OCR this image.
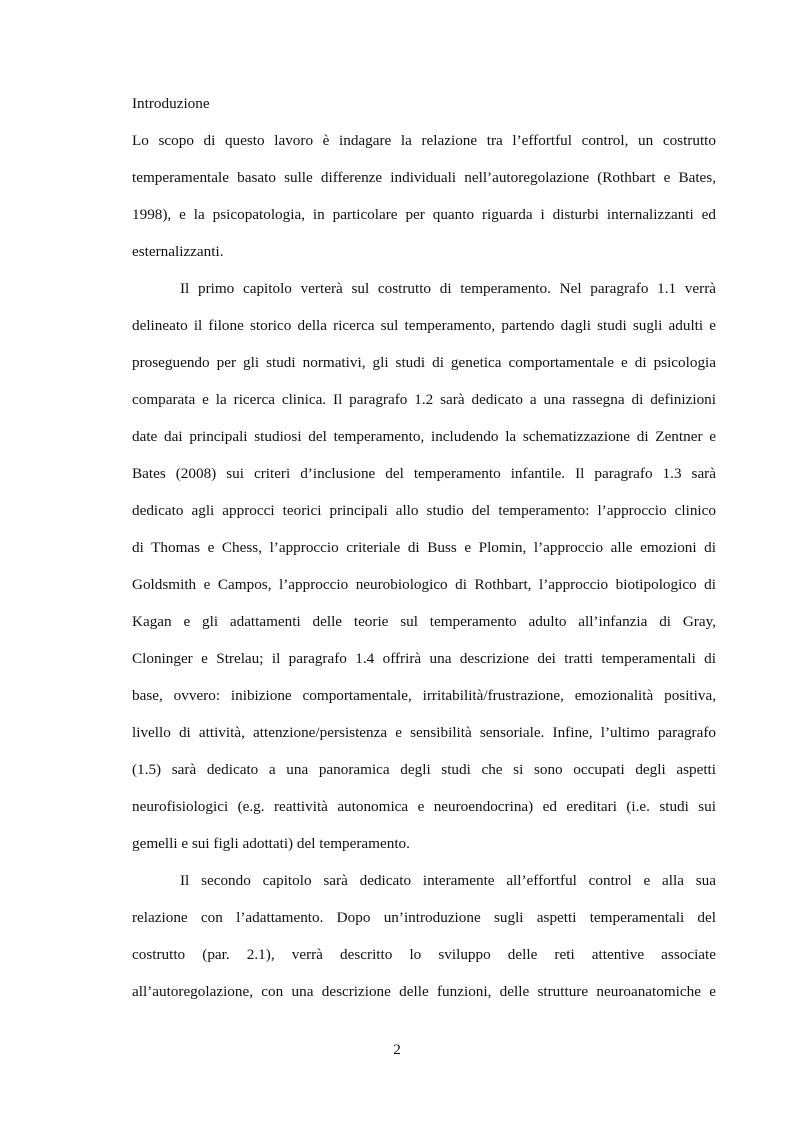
Introduzione
Lo scopo di questo lavoro è indagare la relazione tra l’effortful control, un costrutto
temperamentale basato sulle differenze individuali nell’autoregolazione (Rothbart e Bates,
1998), e la psicopatologia, in particolare per quanto riguarda i disturbi internalizzanti ed
esternalizzanti.
Il primo capitolo verterà sul costrutto di temperamento. Nel paragrafo 1.1 verrà
delineato il filone storico della ricerca sul temperamento, partendo dagli studi sugli adulti e
proseguendo per gli studi normativi, gli studi di genetica comportamentale e di psicologia
comparata e la ricerca clinica. Il paragrafo 1.2 sarà dedicato a una rassegna di definizioni
date dai principali studiosi del temperamento, includendo la schematizzazione di Zentner e
Bates (2008) sui criteri d’inclusione del temperamento infantile. Il paragrafo 1.3 sarà
dedicato agli approcci teorici principali allo studio del temperamento: l’approccio clinico
di Thomas e Chess, l’approccio criteriale di Buss e Plomin, l’approccio alle emozioni di
Goldsmith e Campos, l’approccio neurobiologico di Rothbart, l’approccio biotipologico di
Kagan e gli adattamenti delle teorie sul temperamento adulto all’infanzia di Gray,
Cloninger e Strelau; il paragrafo 1.4 offrirà una descrizione dei tratti temperamentali di
base, ovvero: inibizione comportamentale, irritabilità/frustrazione, emozionalità positiva,
livello di attività, attenzione/persistenza e sensibilità sensoriale. Infine, l’ultimo paragrafo
(1.5) sarà dedicato a una panoramica degli studi che si sono occupati degli aspetti
neurofisiologici (e.g. reattività autonomica e neuroendocrina) ed ereditari (i.e. studi sui
gemelli e sui figli adottati) del temperamento.
Il secondo capitolo sarà dedicato interamente all’effortful control e alla sua
relazione con l’adattamento. Dopo un’introduzione sugli aspetti temperamentali del
costrutto (par. 2.1), verrà descritto lo sviluppo delle reti attentive associate
all’autoregolazione, con una descrizione delle funzioni, delle strutture neuroanatomiche e
2
